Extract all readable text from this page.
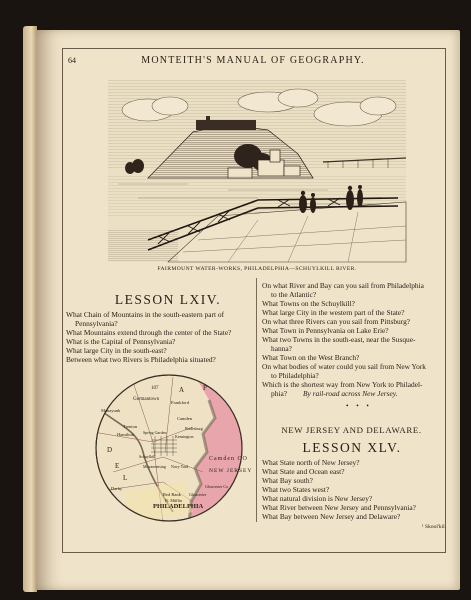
64	MONTEITH'S MANUAL OF GEOGRAPHY.
FAIRMOUNT WATER-WORKS, PHILADELPHIA—SCHUYLKILL RIVER.
LESSON LXIV.
What Chain of Mountains in the south-eastern part of
Pennsylvania?
What Mountains extend through the center of the State?
What is the Capital of Pennsylvania?
What large City in the south-east?
Between what two Rivers is Philadelphia situated?
On what River and Bay can you sail from Philadelphia
to the Atlantic?
What Towns on the Schuylkill?
What large City in the western part of the State?
On what three Rivers can you sail from Pittsburg?
What Town in Pennsylvania on Lake Erie?
What two Towns in the south-east, near the Susque-
hanna?
What Town on the West Branch?
On what bodies of water could you sail from New York
to Philadelphia?
Which is the shortest way from New York to Philadel-
phia? By rail-road across New Jersey.
• • •
NEW JERSEY AND DELAWARE.
LESSON XLV.
What State north of New Jersey?
What State and Ocean east?
What Bay south?
What two States west?
What natural division is New Jersey?
What River between New Jersey and Pennsylvania?
What Bay between New Jersey and Delaware?
¹ Skool'kil.
107
Germantown
Frankford
Manayunk
Camden
Trenton
Hamilton
Camden CO
NEW JERSEY
D
P
E
L
A
Red Bank
PHILADELPHIA
Ft. Mifflin
Schuylkill
Gloucester
Gloucester Co
Bridesburg
Navy Yard
Darby
Moyamensing
Spring Garden
Kensington
